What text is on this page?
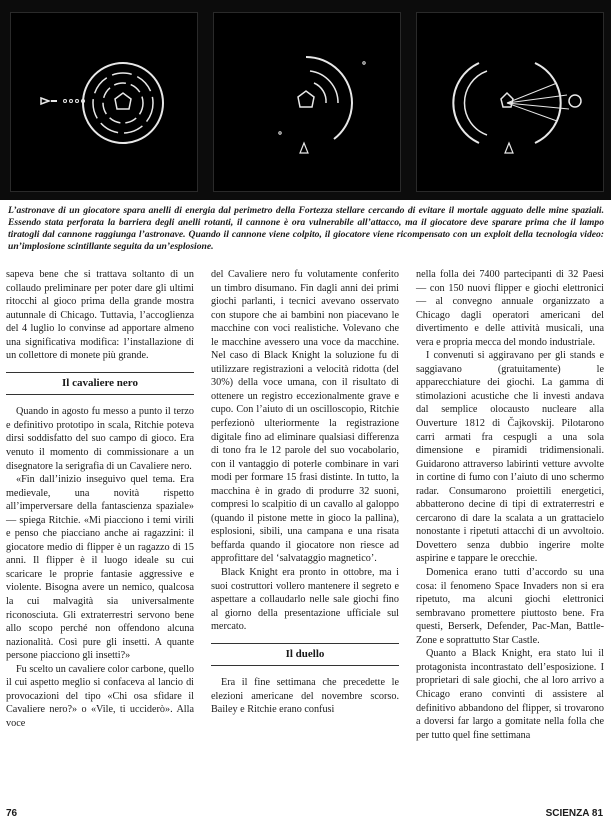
L’astronave di un giocatore spara anelli di energia dal perimetro della Fortezza stellare cercando di evitare il mortale agguato delle mine spaziali. Essendo stata perforata la barriera degli anelli rotanti, il cannone è ora vulnerabile all’attacco, ma il giocatore deve sparare prima che il lampo tiratogli dal cannone raggiunga l’astronave. Quando il cannone viene colpito, il giocatore viene ricompensato con un exploit della tecnologia video: un’implosione scintillante seguita da un’esplosione.

sapeva bene che si trattava soltanto di un collaudo preliminare per poter dare gli ultimi ritocchi al gioco prima della grande mostra autunnale di Chicago. Tuttavia, l’accoglienza del 4 luglio lo convinse ad apportare almeno una significativa modifica: l’installazione di un collettore di monete più grande.

Il cavaliere nero

Quando in agosto fu messo a punto il terzo e definitivo prototipo in scala, Ritchie poteva dirsi soddisfatto del suo campo di gioco. Era venuto il momento di commissionare a un disegnatore la serigrafia di un Cavaliere nero.

«Fin dall’inizio inseguivo quel tema. Era medievale, una novità rispetto all’imperversare della fantascienza spaziale» — spiega Ritchie. «Mi piacciono i temi virili e penso che piacciano anche ai ragazzini: il giocatore medio di flipper è un ragazzo di 15 anni. Il flipper è il luogo ideale su cui scaricare le proprie fantasie aggressive e violente. Bisogna avere un nemico, qualcosa la cui malvagità sia universalmente riconosciuta. Gli extraterrestri servono bene allo scopo perché non offendono alcuna nazionalità. Così pure gli insetti. A quante persone piacciono gli insetti?»

Fu scelto un cavaliere color carbone, quello il cui aspetto meglio si confaceva al lancio di provocazioni del tipo «Chi osa sfidare il Cavaliere nero?» o «Vile, ti ucciderò». Alla voce

del Cavaliere nero fu volutamente conferito un timbro disumano. Fin dagli anni dei primi giochi parlanti, i tecnici avevano osservato con stupore che ai bambini non piacevano le macchine con voci realistiche. Volevano che le macchine avessero una voce da macchine. Nel caso di Black Knight la soluzione fu di utilizzare registrazioni a velocità ridotta (del 30%) della voce umana, con il risultato di ottenere un registro eccezionalmente grave e cupo. Con l’aiuto di un oscilloscopio, Ritchie perfezionò ulteriormente la registrazione digitale fino ad eliminare qualsiasi differenza di tono fra le 12 parole del suo vocabolario, con il vantaggio di poterle combinare in vari modi per formare 15 frasi distinte. In tutto, la macchina è in grado di produrre 32 suoni, compresi lo scalpitio di un cavallo al galoppo (quando il pistone mette in gioco la pallina), esplosioni, sibili, una campana e una risata beffarda quando il giocatore non riesce ad approfittare del ‘salvataggio magnetico’.

Black Knight era pronto in ottobre, ma i suoi costruttori vollero mantenere il segreto e aspettare a collaudarlo nelle sale giochi fino al giorno della presentazione ufficiale sul mercato.

Il duello

Era il fine settimana che precedette le elezioni americane del novembre scorso. Bailey e Ritchie erano confusi

nella folla dei 7400 partecipanti di 32 Paesi — con 150 nuovi flipper e giochi elettronici — al convegno annuale organizzato a Chicago dagli operatori americani del divertimento e delle attività musicali, una vera e propria mecca del mondo industriale.

I convenuti si aggiravano per gli stands e saggiavano (gratuitamente) le apparecchiature dei giochi. La gamma di stimolazioni acustiche che li investì andava dal semplice olocausto nucleare alla Ouverture 1812 di Čajkovskij. Pilotarono carri armati fra cespugli a una sola dimensione e piramidi tridimensionali. Guidarono attraverso labirinti vetture avvolte in cortine di fumo con l’aiuto di uno schermo radar. Consumarono proiettili energetici, abbatterono decine di tipi di extraterrestri e cercarono di dare la scalata a un grattacielo nonostante i ripetuti attacchi di un avvoltoio. Dovettero senza dubbio ingerire molte aspirine e tappare le orecchie.

Domenica erano tutti d’accordo su una cosa: il fenomeno Space Invaders non si era ripetuto, ma alcuni giochi elettronici sembravano promettere piuttosto bene. Fra questi, Berserk, Defender, Pac-Man, Battle-Zone e soprattutto Star Castle.

Quanto a Black Knight, era stato lui il protagonista incontrastato dell’esposizione. I proprietari di sale giochi, che al loro arrivo a Chicago erano convinti di assistere al definitivo abbandono del flipper, si trovarono a doversi far largo a gomitate nella folla che per tutto quel fine settimana

76	SCIENZA 81
